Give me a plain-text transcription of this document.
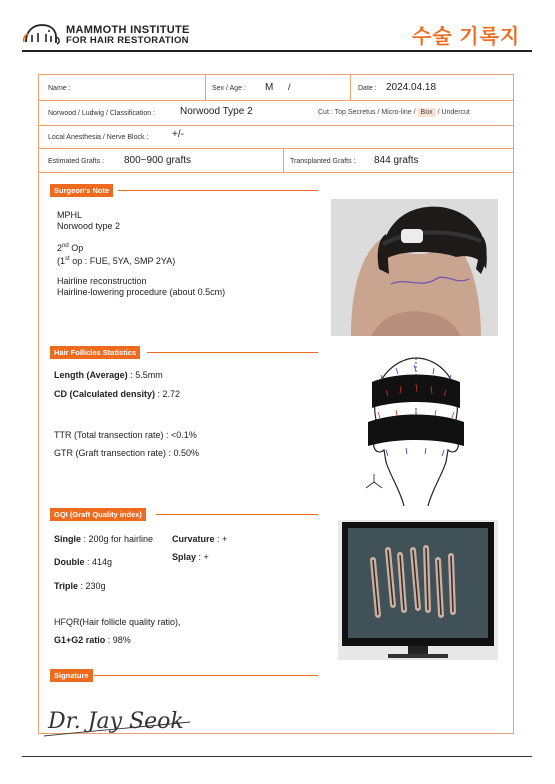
MAMMOTH INSTITUTE
FOR HAIR RESTORATION	수술 기록지
Name :	Sex / Age : M /	Date : 2024.04.18
Norwood / Ludwig / Classification :	Norwood Type 2	Cut : Top Secretus / Micro-line / Box / Undercut
Local Anesthesia / Nerve Block : +/-
Estimated Grafts : 800~900 grafts	Transplanted Grafts : 844 grafts
Surgeon's Note
MPHL
Norwood type 2
2nd Op
(1st op : FUE, 5YA, SMP 2YA)
Hairline reconstruction
Hairline-lowering procedure (about 0.5cm)
Hair Follicles Statistics
Length (Average) : 5.5mm
CD (Calculated density) : 2.72
TTR (Total transection rate) : <0.1%
GTR (Graft transection rate) : 0.50%
GQI (Graft Quality index)
Single : 200g for hairline Curvature : +
Splay : +
Double : 414g
Triple : 230g
HFQR(Hair follicle quality ratio),
G1+G2 ratio : 98%
Signature
Dr. Jay Seok
